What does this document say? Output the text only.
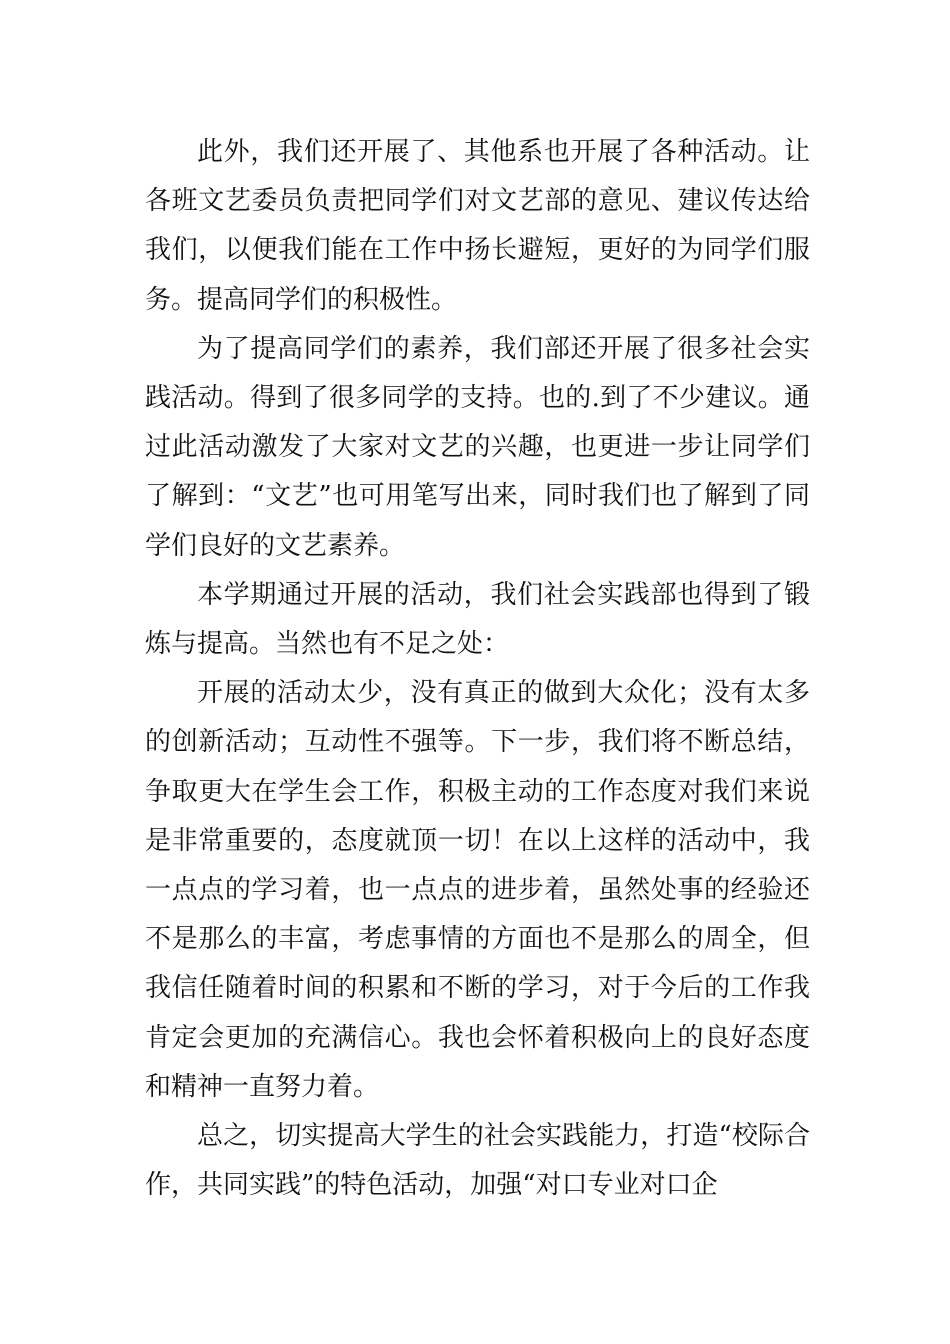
此外，我们还开展了、其他系也开展了各种活动。让各班文艺委员负责把同学们对文艺部的意见、建议传达给我们，以便我们能在工作中扬长避短，更好的为同学们服务。提高同学们的积极性。

为了提高同学们的素养，我们部还开展了很多社会实践活动。得到了很多同学的支持。也的.到了不少建议。通过此活动激发了大家对文艺的兴趣，也更进一步让同学们了解到：“文艺”也可用笔写出来，同时我们也了解到了同学们良好的文艺素养。

本学期通过开展的活动，我们社会实践部也得到了锻炼与提高。当然也有不足之处：

开展的活动太少，没有真正的做到大众化；没有太多的创新活动；互动性不强等。下一步，我们将不断总结，争取更大在学生会工作，积极主动的工作态度对我们来说是非常重要的，态度就顶一切！在以上这样的活动中，我一点点的学习着，也一点点的进步着，虽然处事的经验还不是那么的丰富，考虑事情的方面也不是那么的周全，但我信任随着时间的积累和不断的学习，对于今后的工作我肯定会更加的充满信心。我也会怀着积极向上的良好态度和精神一直努力着。

总之，切实提高大学生的社会实践能力，打造“校际合作，共同实践”的特色活动，加强“对口专业对口企
